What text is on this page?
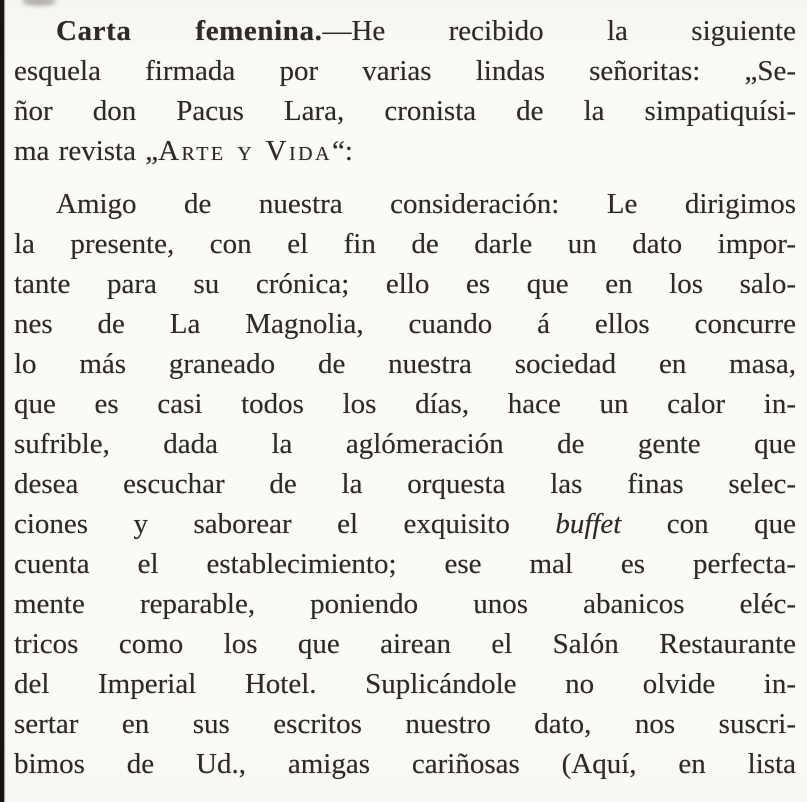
Carta femenina.—He recibido la siguiente
esquela firmada por varias lindas señoritas: „Se-
ñor don Pacus Lara, cronista de la simpatiquísi-
ma revista „Arte y Vida“:
Amigo de nuestra consideración: Le dirigimos
la presente, con el fin de darle un dato impor-
tante para su crónica; ello es que en los salo-
nes de La Magnolia, cuando á ellos concurre
lo más graneado de nuestra sociedad en masa,
que es casi todos los días, hace un calor in-
sufrible, dada la aglómeración de gente que
desea escuchar de la orquesta las finas selec-
ciones y saborear el exquisito buffet con que
cuenta el establecimiento; ese mal es perfecta-
mente reparable, poniendo unos abanicos eléc-
tricos como los que airean el Salón Restaurante
del Imperial Hotel. Suplicándole no olvide in-
sertar en sus escritos nuestro dato, nos suscri-
bimos de Ud., amigas cariñosas (Aquí, en lista
